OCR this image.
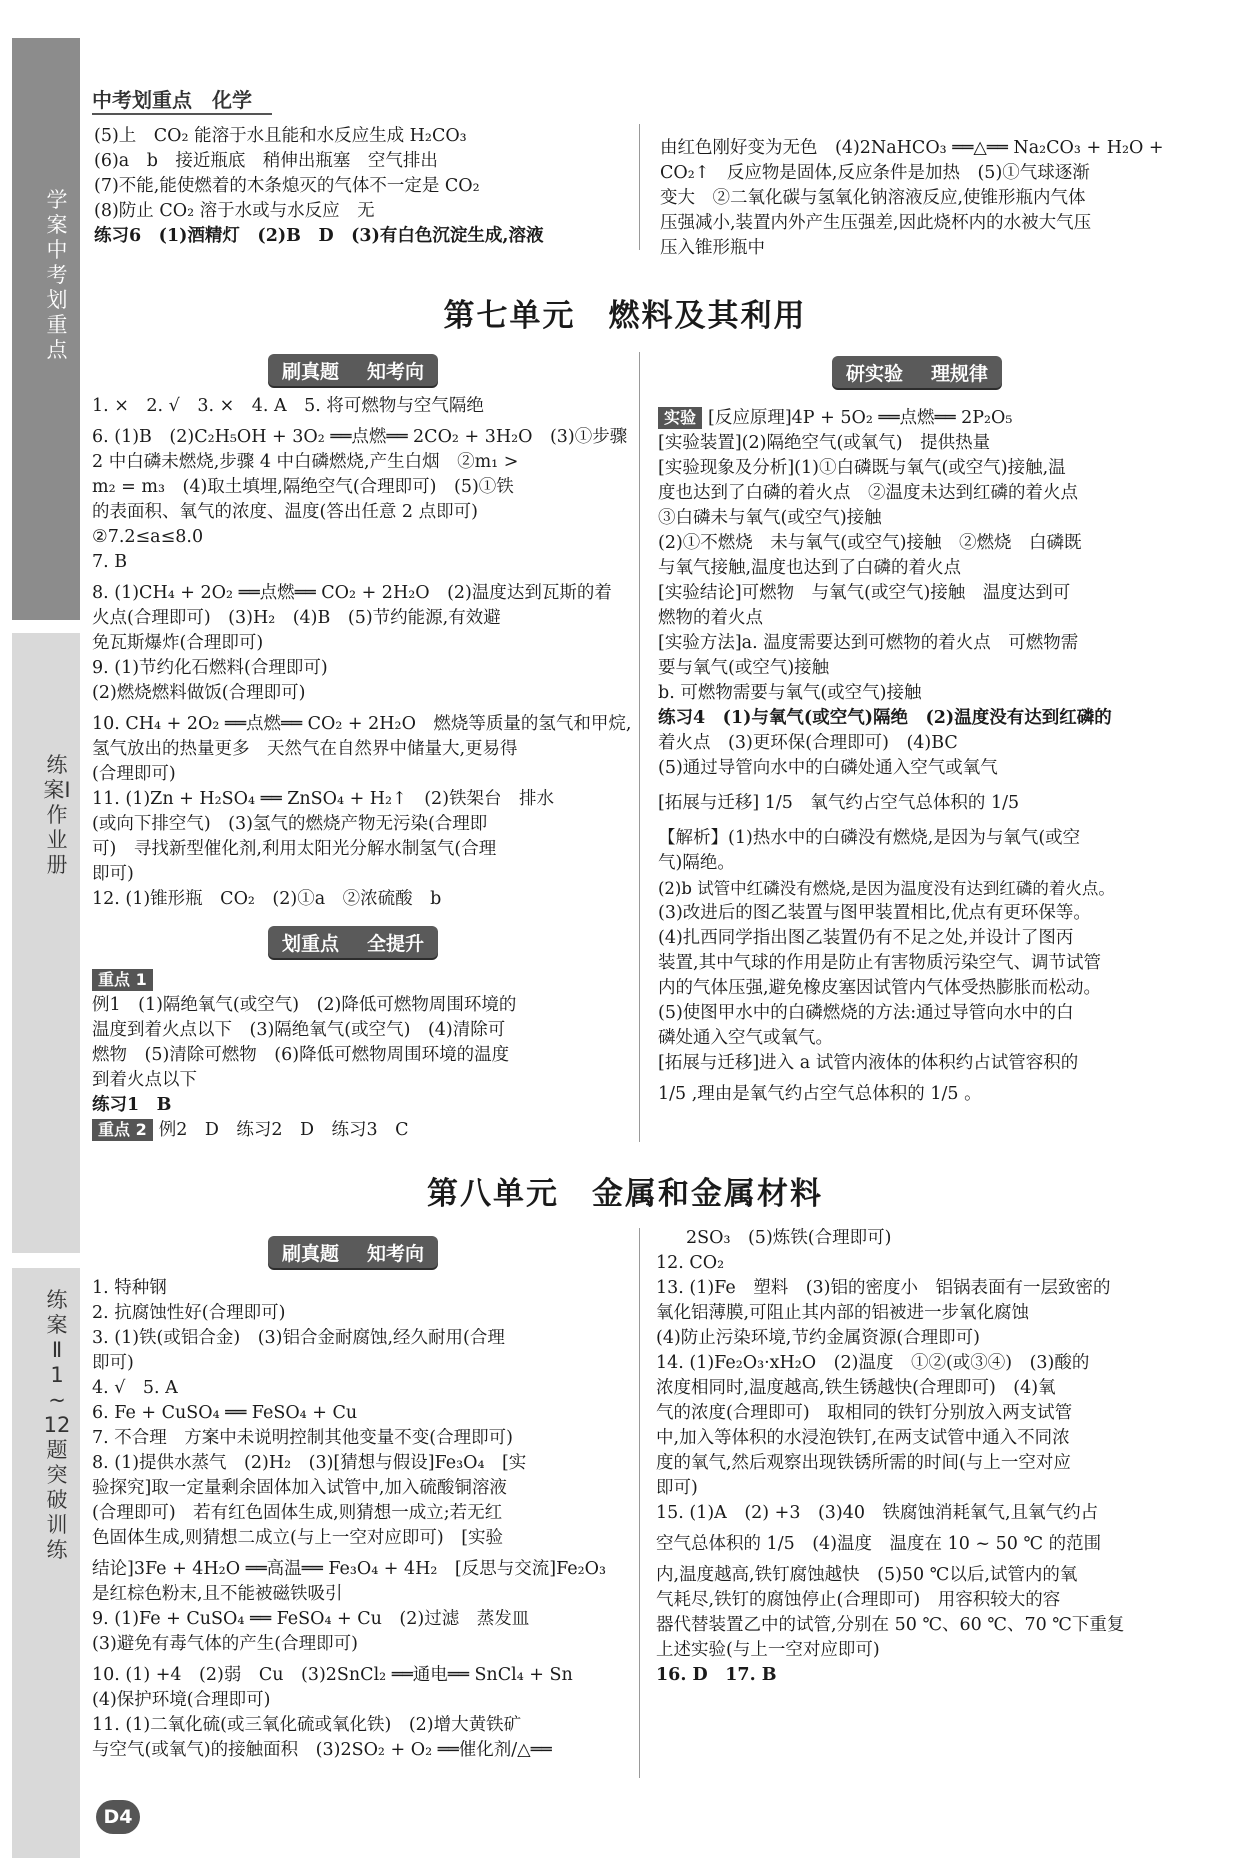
学案　中考划重点
练案Ⅰ　作业册
练案Ⅱ　1~12题突破训练
中考划重点　化学

(5)上　CO₂ 能溶于水且能和水反应生成 H₂CO₃

(6)a　b　接近瓶底　稍伸出瓶塞　空气排出

(7)不能,能使燃着的木条熄灭的气体不一定是 CO₂

(8)防止 CO₂ 溶于水或与水反应　无

练习6　(1)酒精灯　(2)B　D　(3)有白色沉淀生成,溶液

由红色刚好变为无色　(4)2NaHCO₃ ══△══ Na₂CO₃ + H₂O +

CO₂↑　反应物是固体,反应条件是加热　(5)①气球逐渐

变大　②二氧化碳与氢氧化钠溶液反应,使锥形瓶内气体

压强减小,装置内外产生压强差,因此烧杯内的水被大气压

压入锥形瓶中

第七单元　燃料及其利用
刷真题 知考向	研实验 理规律

1. ×　2. √　3. ×　4. A　5. 将可燃物与空气隔绝

6. (1)B　(2)C₂H₅OH + 3O₂ ══点燃══ 2CO₂ + 3H₂O　(3)①步骤

2 中白磷未燃烧,步骤 4 中白磷燃烧,产生白烟　②m₁ >

m₂ = m₃　(4)取土填埋,隔绝空气(合理即可)　(5)①铁

的表面积、氧气的浓度、温度(答出任意 2 点即可)

②7.2≤a≤8.0

7. B

8. (1)CH₄ + 2O₂ ══点燃══ CO₂ + 2H₂O　(2)温度达到瓦斯的着

火点(合理即可)　(3)H₂　(4)B　(5)节约能源,有效避

免瓦斯爆炸(合理即可)

9. (1)节约化石燃料(合理即可)

(2)燃烧燃料做饭(合理即可)

10. CH₄ + 2O₂ ══点燃══ CO₂ + 2H₂O　燃烧等质量的氢气和甲烷,

氢气放出的热量更多　天然气在自然界中储量大,更易得

(合理即可)

11. (1)Zn + H₂SO₄ ══ ZnSO₄ + H₂↑　(2)铁架台　排水

(或向下排空气)　(3)氢气的燃烧产物无污染(合理即

可)　寻找新型催化剂,利用太阳光分解水制氢气(合理

即可)

12. (1)锥形瓶　CO₂　(2)①a　②浓硫酸　b

划重点 全提升

重点 1

例1　(1)隔绝氧气(或空气)　(2)降低可燃物周围环境的

温度到着火点以下　(3)隔绝氧气(或空气)　(4)清除可

燃物　(5)清除可燃物　(6)降低可燃物周围环境的温度

到着火点以下

练习1　B

重点 2 例2　D　练习2　D　练习3　C

实验 [反应原理]4P + 5O₂ ══点燃══ 2P₂O₅

[实验装置](2)隔绝空气(或氧气)　提供热量

[实验现象及分析](1)①白磷既与氧气(或空气)接触,温

度也达到了白磷的着火点　②温度未达到红磷的着火点

③白磷未与氧气(或空气)接触

(2)①不燃烧　未与氧气(或空气)接触　②燃烧　白磷既

与氧气接触,温度也达到了白磷的着火点

[实验结论]可燃物　与氧气(或空气)接触　温度达到可

燃物的着火点

[实验方法]a. 温度需要达到可燃物的着火点　可燃物需

要与氧气(或空气)接触

b. 可燃物需要与氧气(或空气)接触

练习4　(1)与氧气(或空气)隔绝　(2)温度没有达到红磷的

着火点　(3)更环保(合理即可)　(4)BC

(5)通过导管向水中的白磷处通入空气或氧气

[拓展与迁移] 1/5　氧气约占空气总体积的 1/5

【解析】(1)热水中的白磷没有燃烧,是因为与氧气(或空

气)隔绝。

(2)b 试管中红磷没有燃烧,是因为温度没有达到红磷的着火点。

(3)改进后的图乙装置与图甲装置相比,优点有更环保等。

(4)扎西同学指出图乙装置仍有不足之处,并设计了图丙

装置,其中气球的作用是防止有害物质污染空气、调节试管

内的气体压强,避免橡皮塞因试管内气体受热膨胀而松动。

(5)使图甲水中的白磷燃烧的方法:通过导管向水中的白

磷处通入空气或氧气。

[拓展与迁移]进入 a 试管内液体的体积约占试管容积的

1/5 ,理由是氧气约占空气总体积的 1/5 。

第八单元　金属和金属材料
刷真题 知考向

1. 特种钢

2. 抗腐蚀性好(合理即可)

3. (1)铁(或铝合金)　(3)铝合金耐腐蚀,经久耐用(合理

即可)

4. √　5. A

6. Fe + CuSO₄ ══ FeSO₄ + Cu

7. 不合理　方案中未说明控制其他变量不变(合理即可)

8. (1)提供水蒸气　(2)H₂　(3)[猜想与假设]Fe₃O₄　[实

验探究]取一定量剩余固体加入试管中,加入硫酸铜溶液

(合理即可)　若有红色固体生成,则猜想一成立;若无红

色固体生成,则猜想二成立(与上一空对应即可)　[实验

结论]3Fe + 4H₂O ══高温══ Fe₃O₄ + 4H₂　[反思与交流]Fe₂O₃

是红棕色粉末,且不能被磁铁吸引

9. (1)Fe + CuSO₄ ══ FeSO₄ + Cu　(2)过滤　蒸发皿

(3)避免有毒气体的产生(合理即可)

10. (1) +4　(2)弱　Cu　(3)2SnCl₂ ══通电══ SnCl₄ + Sn

(4)保护环境(合理即可)

11. (1)二氧化硫(或三氧化硫或氧化铁)　(2)增大黄铁矿

与空气(或氧气)的接触面积　(3)2SO₂ + O₂ ══催化剂/△══

2SO₃　(5)炼铁(合理即可)

12. CO₂

13. (1)Fe　塑料　(3)铝的密度小　铝锅表面有一层致密的

氧化铝薄膜,可阻止其内部的铝被进一步氧化腐蚀

(4)防止污染环境,节约金属资源(合理即可)

14. (1)Fe₂O₃·xH₂O　(2)温度　①②(或③④)　(3)酸的

浓度相同时,温度越高,铁生锈越快(合理即可)　(4)氧

气的浓度(合理即可)　取相同的铁钉分别放入两支试管

中,加入等体积的水浸泡铁钉,在两支试管中通入不同浓

度的氧气,然后观察出现铁锈所需的时间(与上一空对应

即可)

15. (1)A　(2) +3　(3)40　铁腐蚀消耗氧气,且氧气约占

空气总体积的 1/5　(4)温度　温度在 10 ~ 50 ℃ 的范围

内,温度越高,铁钉腐蚀越快　(5)50 ℃以后,试管内的氧

气耗尽,铁钉的腐蚀停止(合理即可)　用容积较大的容

器代替装置乙中的试管,分别在 50 ℃、60 ℃、70 ℃下重复

上述实验(与上一空对应即可)

16. D　17. B

D4
